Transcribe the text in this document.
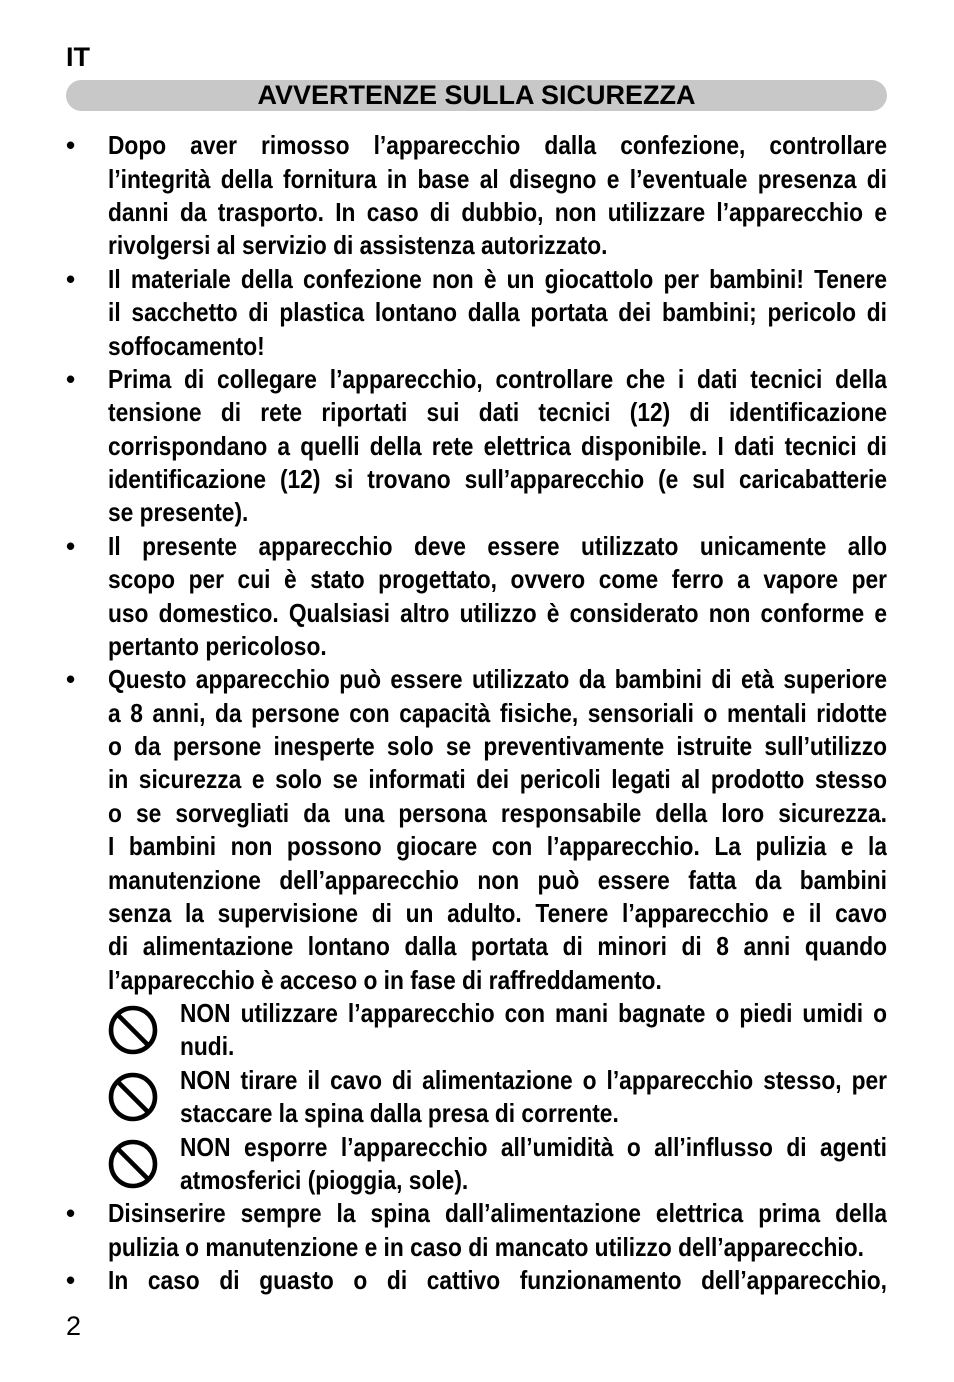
IT
AVVERTENZE SULLA SICUREZZA
• Dopo aver rimosso l’apparecchio dalla confezione, controllare
l’integrità della fornitura in base al disegno e l’eventuale presenza di
danni da trasporto. In caso di dubbio, non utilizzare l’apparecchio e
rivolgersi al servizio di assistenza autorizzato.
• Il materiale della confezione non è un giocattolo per bambini! Tenere
il sacchetto di plastica lontano dalla portata dei bambini; pericolo di
soffocamento!
• Prima di collegare l’apparecchio, controllare che i dati tecnici della
tensione di rete riportati sui dati tecnici (12) di identificazione
corrispondano a quelli della rete elettrica disponibile. I dati tecnici di
identificazione (12) si trovano sull’apparecchio (e sul caricabatterie
se presente).
• Il presente apparecchio deve essere utilizzato unicamente allo
scopo per cui è stato progettato, ovvero come ferro a vapore per
uso domestico. Qualsiasi altro utilizzo è considerato non conforme e
pertanto pericoloso.
• Questo apparecchio può essere utilizzato da bambini di età superiore
a 8 anni, da persone con capacità fisiche, sensoriali o mentali ridotte
o da persone inesperte solo se preventivamente istruite sull’utilizzo
in sicurezza e solo se informati dei pericoli legati al prodotto stesso
o se sorvegliati da una persona responsabile della loro sicurezza.
I bambini non possono giocare con l’apparecchio. La pulizia e la
manutenzione dell’apparecchio non può essere fatta da bambini
senza la supervisione di un adulto. Tenere l’apparecchio e il cavo
di alimentazione lontano dalla portata di minori di 8 anni quando
l’apparecchio è acceso o in fase di raffreddamento.
NON utilizzare l’apparecchio con mani bagnate o piedi umidi o
nudi.
NON tirare il cavo di alimentazione o l’apparecchio stesso, per
staccare la spina dalla presa di corrente.
NON esporre l’apparecchio all’umidità o all’influsso di agenti
atmosferici (pioggia, sole).
• Disinserire sempre la spina dall’alimentazione elettrica prima della
pulizia o manutenzione e in caso di mancato utilizzo dell’apparecchio.
• In caso di guasto o di cattivo funzionamento dell’apparecchio,
2
